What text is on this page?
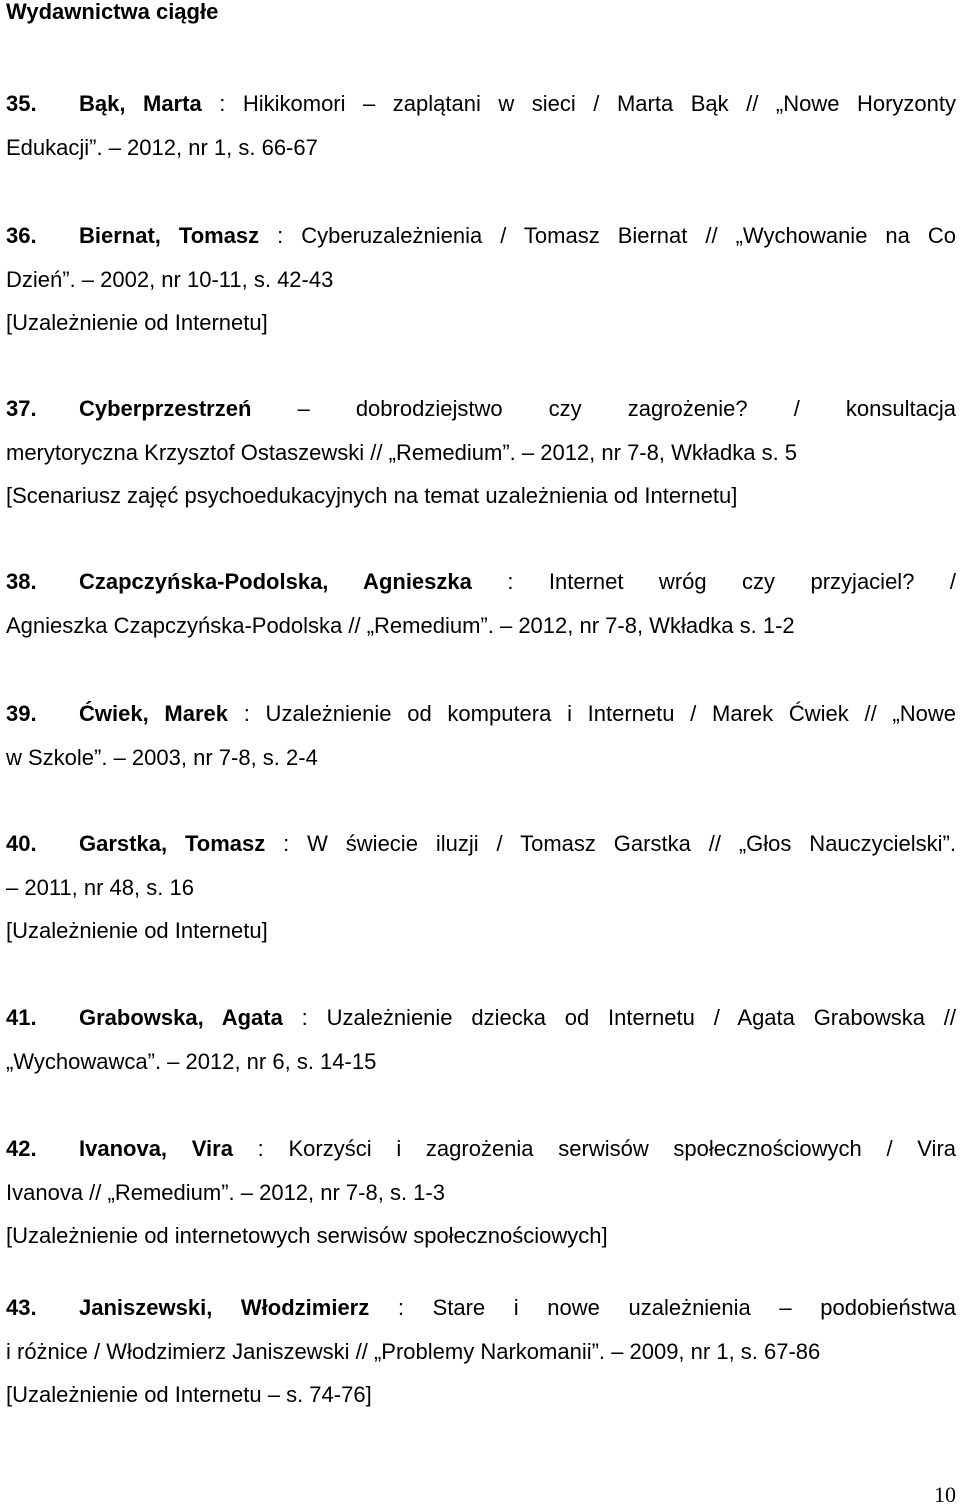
Wydawnictwa ciągłe
35. Bąk, Marta : Hikikomori – zaplątani w sieci / Marta Bąk // „Nowe Horyzonty
Edukacji”. – 2012, nr 1, s. 66-67
36. Biernat, Tomasz : Cyberuzależnienia / Tomasz Biernat // „Wychowanie na Co
Dzień”. – 2002, nr 10-11, s. 42-43
[Uzależnienie od Internetu]
37. Cyberprzestrzeń – dobrodziejstwo czy zagrożenie? / konsultacja
merytoryczna Krzysztof Ostaszewski // „Remedium”. – 2012, nr 7-8, Wkładka s. 5
[Scenariusz zajęć psychoedukacyjnych na temat uzależnienia od Internetu]
38. Czapczyńska-Podolska, Agnieszka : Internet wróg czy przyjaciel? /
Agnieszka Czapczyńska-Podolska // „Remedium”. – 2012, nr 7-8, Wkładka s. 1-2
39. Ćwiek, Marek : Uzależnienie od komputera i Internetu / Marek Ćwiek // „Nowe
w Szkole”. – 2003, nr 7-8, s. 2-4
40. Garstka, Tomasz : W świecie iluzji / Tomasz Garstka // „Głos Nauczycielski”.
– 2011, nr 48, s. 16
[Uzależnienie od Internetu]
41. Grabowska, Agata : Uzależnienie dziecka od Internetu / Agata Grabowska //
„Wychowawca”. – 2012, nr 6, s. 14-15
42. Ivanova, Vira : Korzyści i zagrożenia serwisów społecznościowych / Vira
Ivanova // „Remedium”. – 2012, nr 7-8, s. 1-3
[Uzależnienie od internetowych serwisów społecznościowych]
43. Janiszewski, Włodzimierz : Stare i nowe uzależnienia – podobieństwa
i różnice / Włodzimierz Janiszewski // „Problemy Narkomanii”. – 2009, nr 1, s. 67-86
[Uzależnienie od Internetu – s. 74-76]

10
